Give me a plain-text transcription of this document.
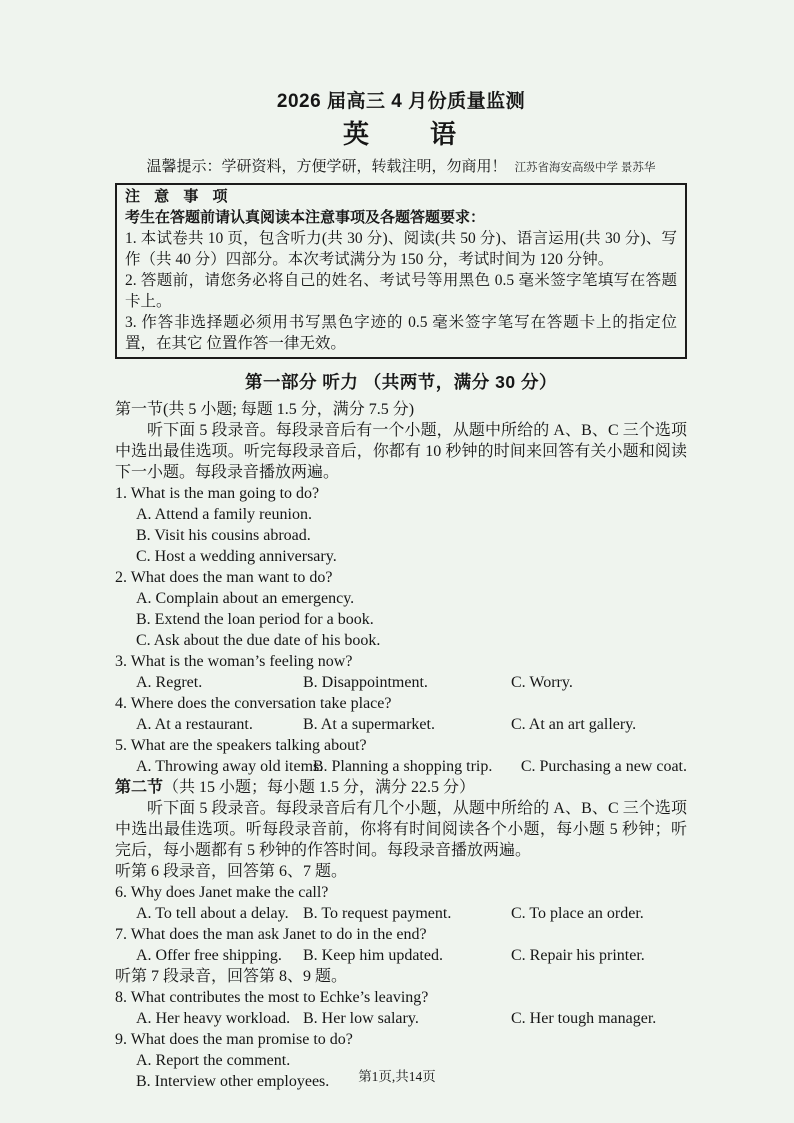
2026 届高三 4 月份质量监测
英　　语
温馨提示：学研资料，方便学研，转载注明，勿商用！ 江苏省海安高级中学 景苏华
注 意 事 项
考生在答题前请认真阅读本注意事项及各题答题要求：
1. 本试卷共 10 页，包含听力(共 30 分)、阅读(共 50 分)、语言运用(共 30 分)、写作（共 40 分）四部分。本次考试满分为 150 分，考试时间为 120 分钟。
2. 答题前，请您务必将自己的姓名、考试号等用黑色 0.5 毫米签字笔填写在答题卡上。
3. 作答非选择题必须用书写黑色字迹的 0.5 毫米签字笔写在答题卡上的指定位置，在其它 位置作答一律无效。
第一部分 听力 （共两节，满分 30 分）
第一节(共 5 小题; 每题 1.5 分，满分 7.5 分)
听下面 5 段录音。每段录音后有一个小题，从题中所给的 A、B、C 三个选项中选出最佳选项。听完每段录音后，你都有 10 秒钟的时间来回答有关小题和阅读下一小题。每段录音播放两遍。
1. What is the man going to do?
A. Attend a family reunion.
B. Visit his cousins abroad.
C. Host a wedding anniversary.
2. What does the man want to do?
A. Complain about an emergency.
B. Extend the loan period for a book.
C. Ask about the due date of his book.
3. What is the woman’s feeling now?
A. Regret.	B. Disappointment.	C. Worry.
4. Where does the conversation take place?
A. At a restaurant.	B. At a supermarket.	C. At an art gallery.
5. What are the speakers talking about?
A. Throwing away old items.
B. Planning a shopping trip.	C. Purchasing a new coat.
第二节（共 15 小题；每小题 1.5 分，满分 22.5 分）
听下面 5 段录音。每段录音后有几个小题，从题中所给的 A、B、C 三个选项中选出最佳选项。听每段录音前，你将有时间阅读各个小题，每小题 5 秒钟；听完后，每小题都有 5 秒钟的作答时间。每段录音播放两遍。
听第 6 段录音，回答第 6、7 题。
6. Why does Janet make the call?
A. To tell about a delay. B. To request payment.	C. To place an order.
7. What does the man ask Janet to do in the end?
A. Offer free shipping.	B. Keep him updated.	C. Repair his printer.
听第 7 段录音，回答第 8、9 题。
8. What contributes the most to Echke’s leaving?
A. Her heavy workload. B. Her low salary.	C. Her tough manager.
9. What does the man promise to do?
A. Report the comment.
B. Interview other employees.	第1页,共14页
